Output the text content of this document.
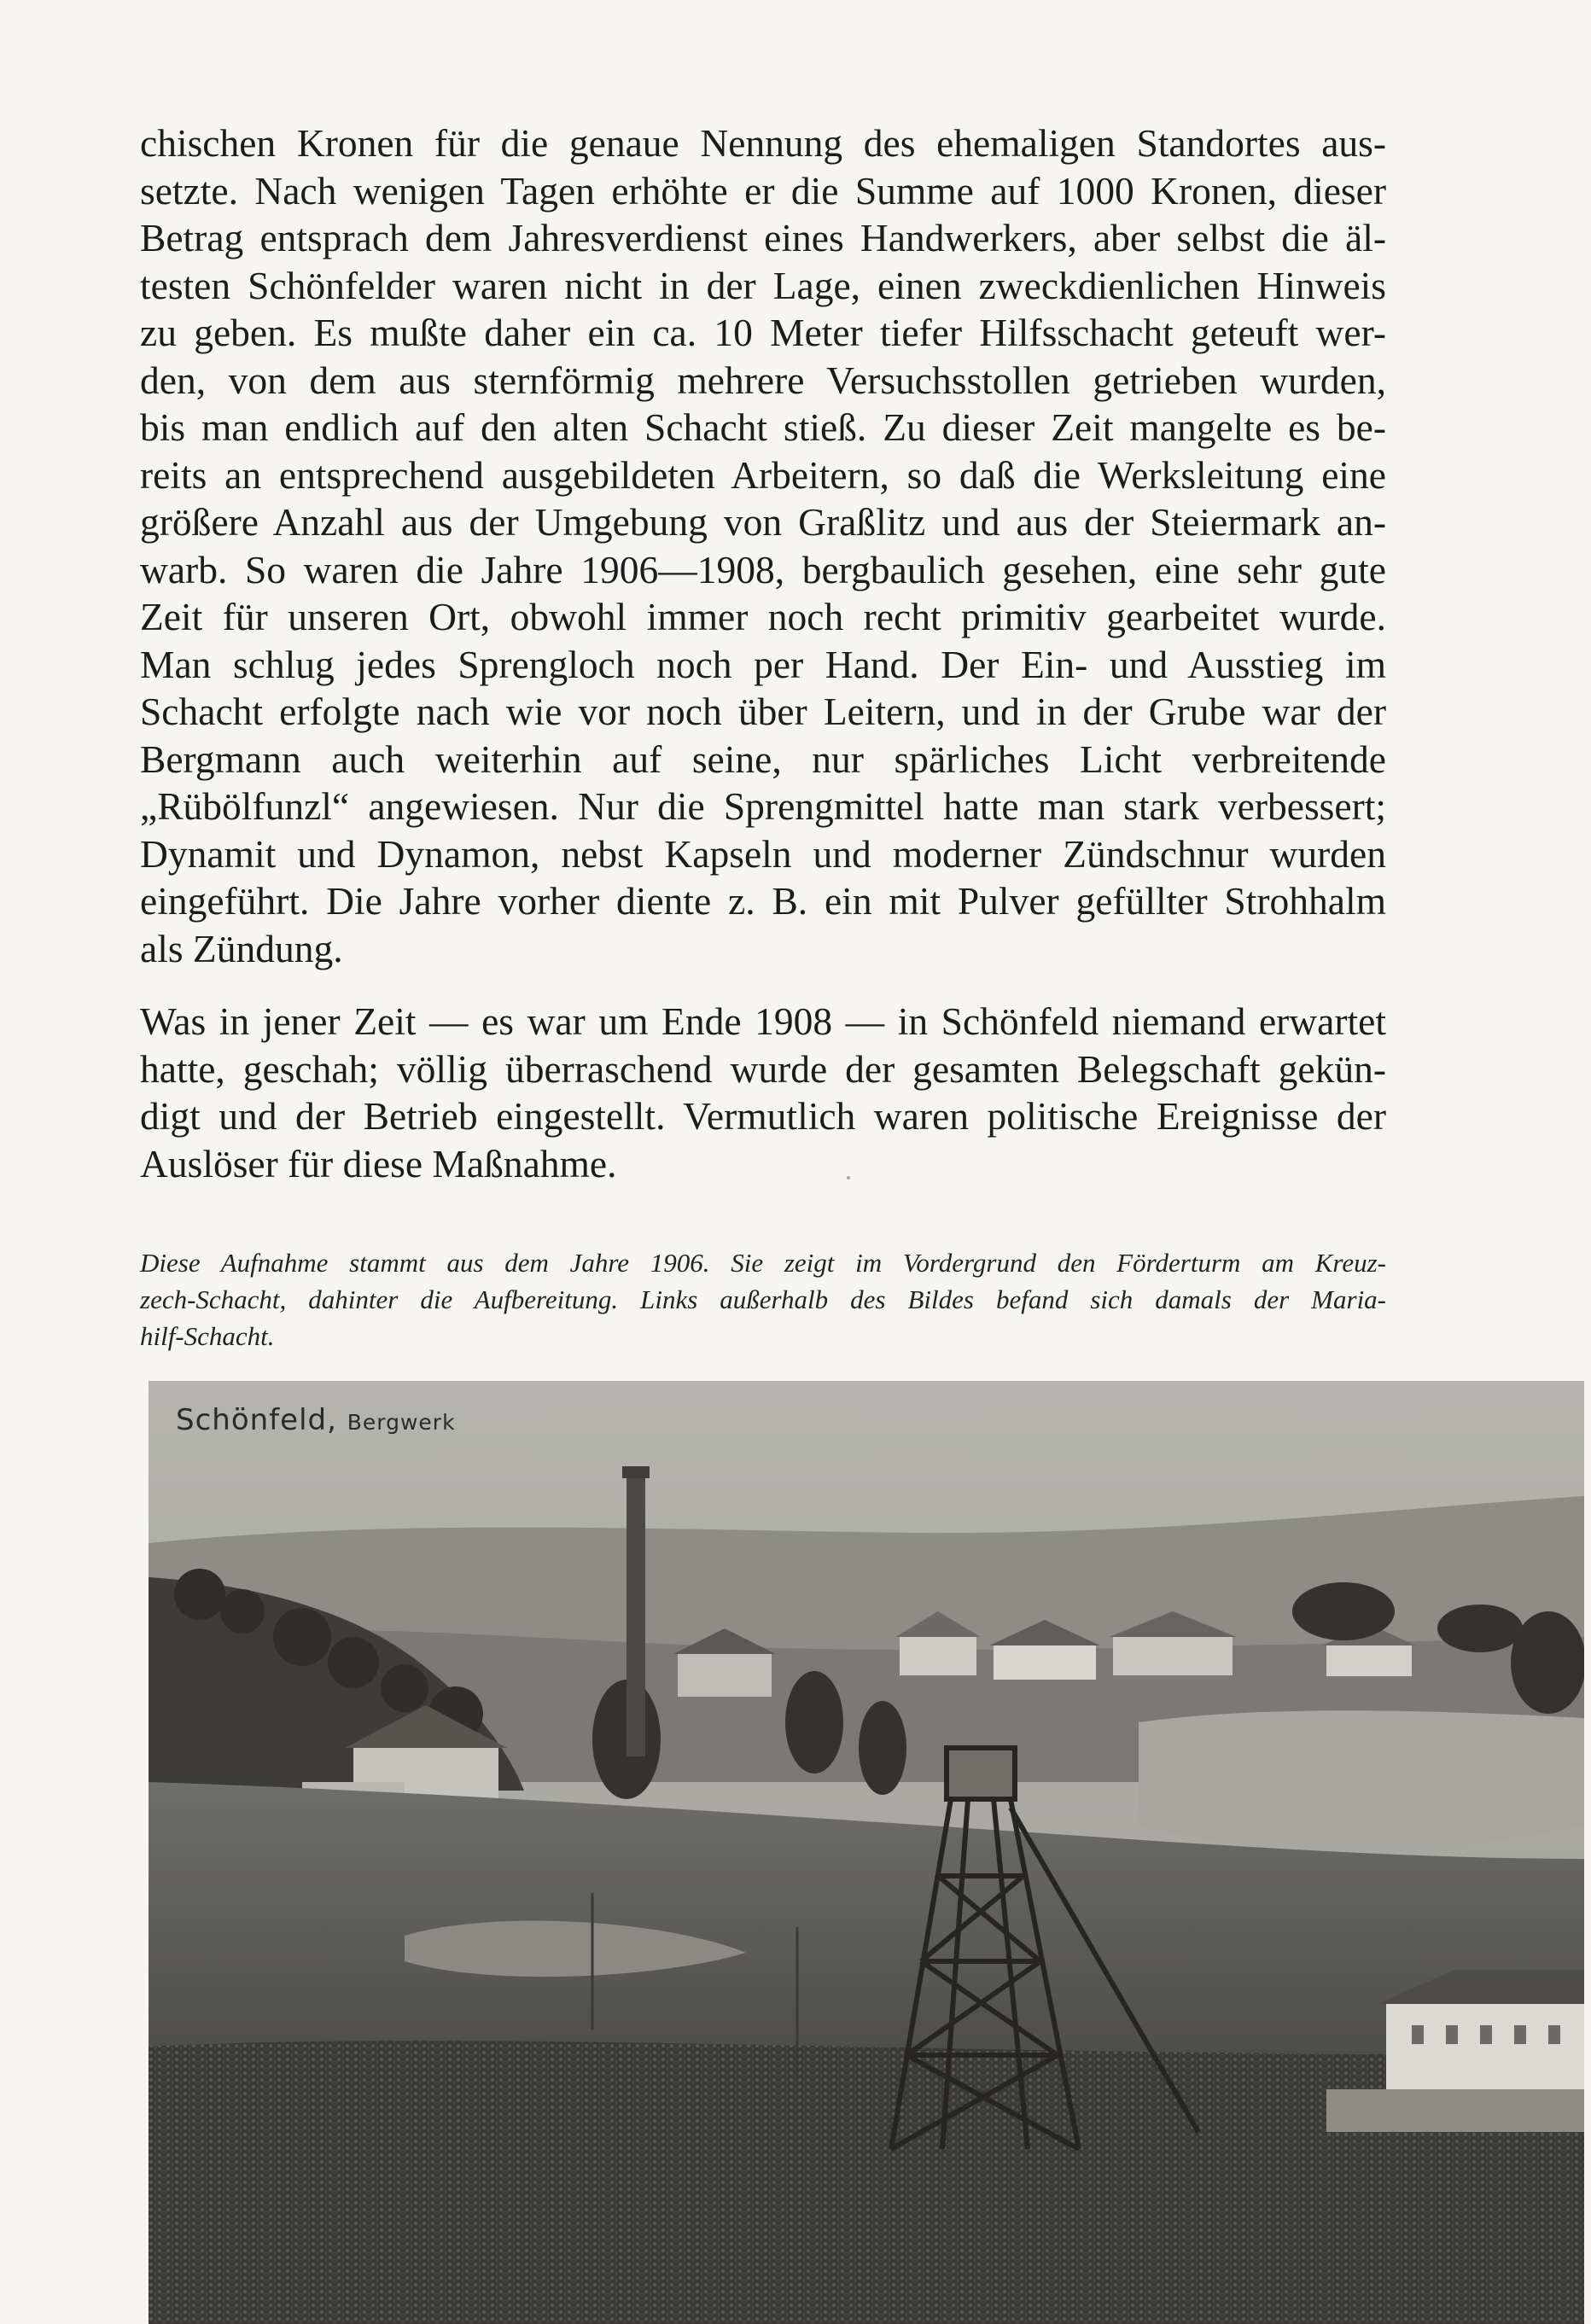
chischen Kronen für die genaue Nennung des ehemaligen Standortes aus-
setzte. Nach wenigen Tagen erhöhte er die Summe auf 1000 Kronen, dieser
Betrag entsprach dem Jahresverdienst eines Handwerkers, aber selbst die äl-
testen Schönfelder waren nicht in der Lage, einen zweckdienlichen Hinweis
zu geben. Es mußte daher ein ca. 10 Meter tiefer Hilfsschacht geteuft wer-
den, von dem aus sternförmig mehrere Versuchsstollen getrieben wurden,
bis man endlich auf den alten Schacht stieß. Zu dieser Zeit mangelte es be-
reits an entsprechend ausgebildeten Arbeitern, so daß die Werksleitung eine
größere Anzahl aus der Umgebung von Graßlitz und aus der Steiermark an-
warb. So waren die Jahre 1906—1908, bergbaulich gesehen, eine sehr gute
Zeit für unseren Ort, obwohl immer noch recht primitiv gearbeitet wurde.
Man schlug jedes Sprengloch noch per Hand. Der Ein- und Ausstieg im
Schacht erfolgte nach wie vor noch über Leitern, und in der Grube war der
Bergmann auch weiterhin auf seine, nur spärliches Licht verbreitende
„Rübölfunzl“ angewiesen. Nur die Sprengmittel hatte man stark verbessert;
Dynamit und Dynamon, nebst Kapseln und moderner Zündschnur wurden
eingeführt. Die Jahre vorher diente z. B. ein mit Pulver gefüllter Strohhalm
als Zündung.

Was in jener Zeit — es war um Ende 1908 — in Schönfeld niemand erwartet
hatte, geschah; völlig überraschend wurde der gesamten Belegschaft gekün-
digt und der Betrieb eingestellt. Vermutlich waren politische Ereignisse der
Auslöser für diese Maßnahme.

Diese Aufnahme stammt aus dem Jahre 1906. Sie zeigt im Vordergrund den Förderturm am Kreuz-
zech-Schacht, dahinter die Aufbereitung. Links außerhalb des Bildes befand sich damals der Maria-
hilf-Schacht.
Schönfeld, Bergwerk
